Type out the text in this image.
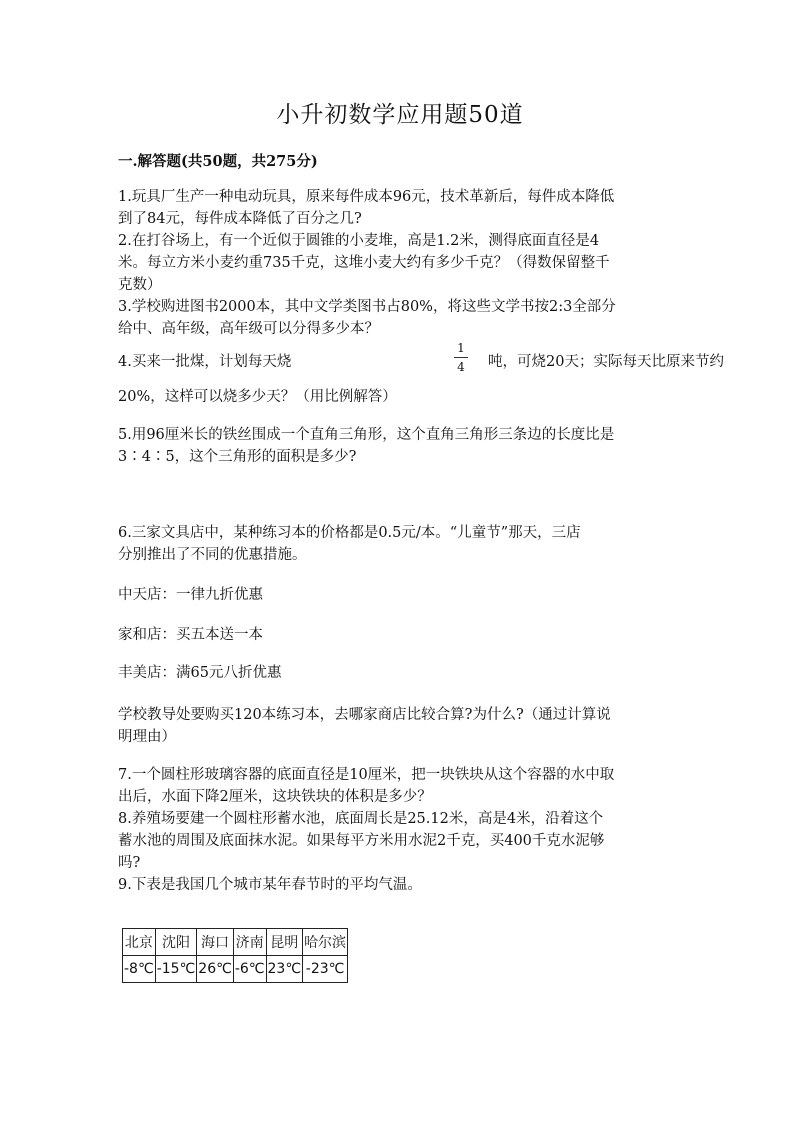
小升初数学应用题50道
一.解答题(共50题，共275分)
1.玩具厂生产一种电动玩具，原来每件成本96元，技术革新后，每件成本降低
到了84元，每件成本降低了百分之几?
2.在打谷场上，有一个近似于圆锥的小麦堆，高是1.2米，测得底面直径是4
米。每立方米小麦约重735千克，这堆小麦大约有多少千克？（得数保留整千
克数）
3.学校购进图书2000本，其中文学类图书占80%，将这些文学书按2:3全部分
给中、高年级，高年级可以分得多少本？
4.买来一批煤，计划每天烧
1
4 吨，可烧20天；实际每天比原来节约
20%，这样可以烧多少天？（用比例解答）
5.用96厘米长的铁丝围成一个直角三角形，这个直角三角形三条边的长度比是
3∶4∶5，这个三角形的面积是多少?
6.三家文具店中，某种练习本的价格都是0.5元/本。“儿童节”那天，三店
分别推出了不同的优惠措施。
中天店：一律九折优惠
家和店：买五本送一本
丰美店：满65元八折优惠
学校教导处要购买120本练习本，去哪家商店比较合算?为什么?（通过计算说
明理由）
7.一个圆柱形玻璃容器的底面直径是10厘米，把一块铁块从这个容器的水中取
出后，水面下降2厘米，这块铁块的体积是多少？
8.养殖场要建一个圆柱形蓄水池，底面周长是25.12米，高是4米，沿着这个
蓄水池的周围及底面抹水泥。如果每平方米用水泥2千克，买400千克水泥够
吗?
9.下表是我国几个城市某年春节时的平均气温。
北京	沈阳	海口	济南	昆明	哈尔滨
-8℃	-15℃	26℃	-6℃	23℃	-23℃
